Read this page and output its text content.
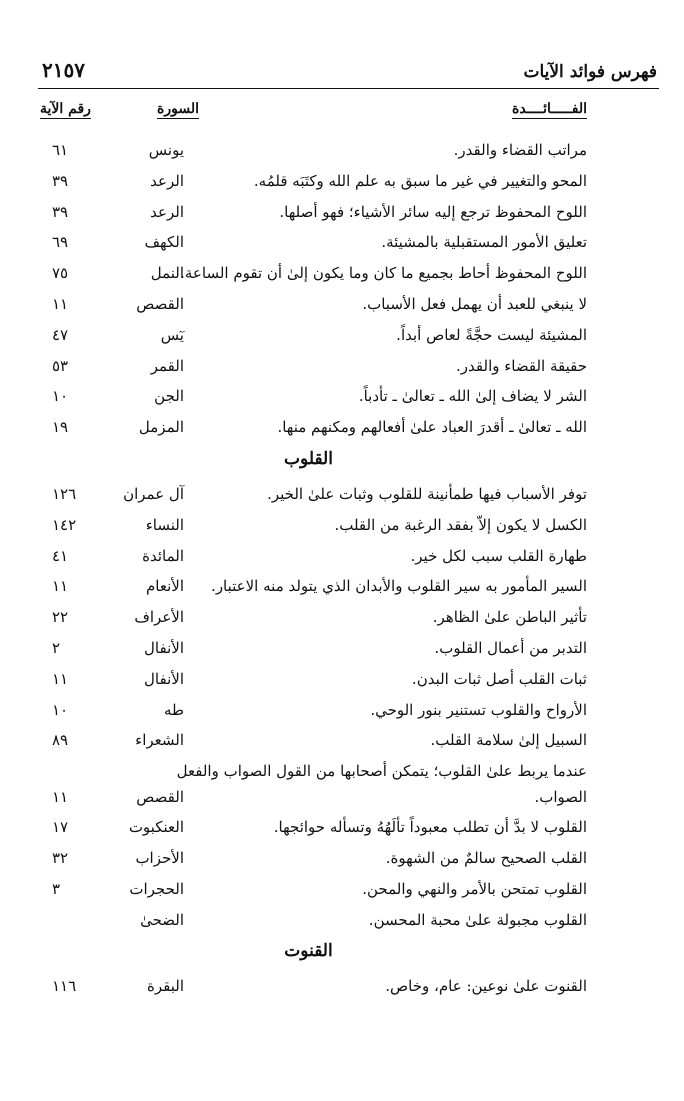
فهرس فوائد الآيات
٢١٥٧
الفـــــائــــدة
السورة
رقم الآية
مراتب القضاء والقدر.
يونس
٦١
المحو والتغيير في غير ما سبق به علم الله وكتَبَه قلمُه.
الرعد
٣٩
اللوح المحفوظ ترجع إليه سائر الأشياء؛ فهو أصلها.
الرعد
٣٩
تعليق الأمور المستقبلية بالمشيئة.
الكهف
٦٩
اللوح المحفوظ أحاط بجميع ما كان وما يكون إلىٰ أن تقوم الساعة.
النمل
٧٥
لا ينبغي للعبد أن يهمل فعل الأسباب.
القصص
١١
المشيئة ليست حجَّةً لعاص أبداً.
يٓس
٤٧
حقيقة القضاء والقدر.
القمر
٥٣
الشر لا يضاف إلىٰ الله ـ تعالىٰ ـ تأدباً.
الجن
١٠
الله ـ تعالىٰ ـ أقدرَ العباد علىٰ أفعالهم ومكنهم منها.
المزمل
١٩
القلوب
توفر الأسباب فيها طمأنينة للقلوب وثبات علىٰ الخير.
آل عمران
١٢٦
الكسل لا يكون إلاّ بفقد الرغبة من القلب.
النساء
١٤٢
طهارة القلب سبب لكل خير.
المائدة
٤١
السير المأمور به سير القلوب والأبدان الذي يتولد منه الاعتبار.
الأنعام
١١
تأثير الباطن علىٰ الظاهر.
الأعراف
٢٢
التدبر من أعمال القلوب.
الأنفال
٢
ثبات القلب أصل ثبات البدن.
الأنفال
١١
الأرواح والقلوب تستنير بنور الوحي.
طه
١٠
السبيل إلىٰ سلامة القلب.
الشعراء
٨٩
عندما يربط علىٰ القلوب؛ يتمكن أصحابها من القول الصواب والفعل الصواب.
القصص
١١
القلوب لا بدَّ أن تطلب معبوداً تألَهُهُ وتسأله حوائجها.
العنكبوت
١٧
القلب الصحيح سالمٌ من الشهوة.
الأحزاب
٣٢
القلوب تمتحن بالأمر والنهي والمحن.
الحجرات
٣
القلوب مجبولة علىٰ محبة المحسن.
الضحىٰ
القنوت
القنوت علىٰ نوعين: عام، وخاص.
البقرة
١١٦
